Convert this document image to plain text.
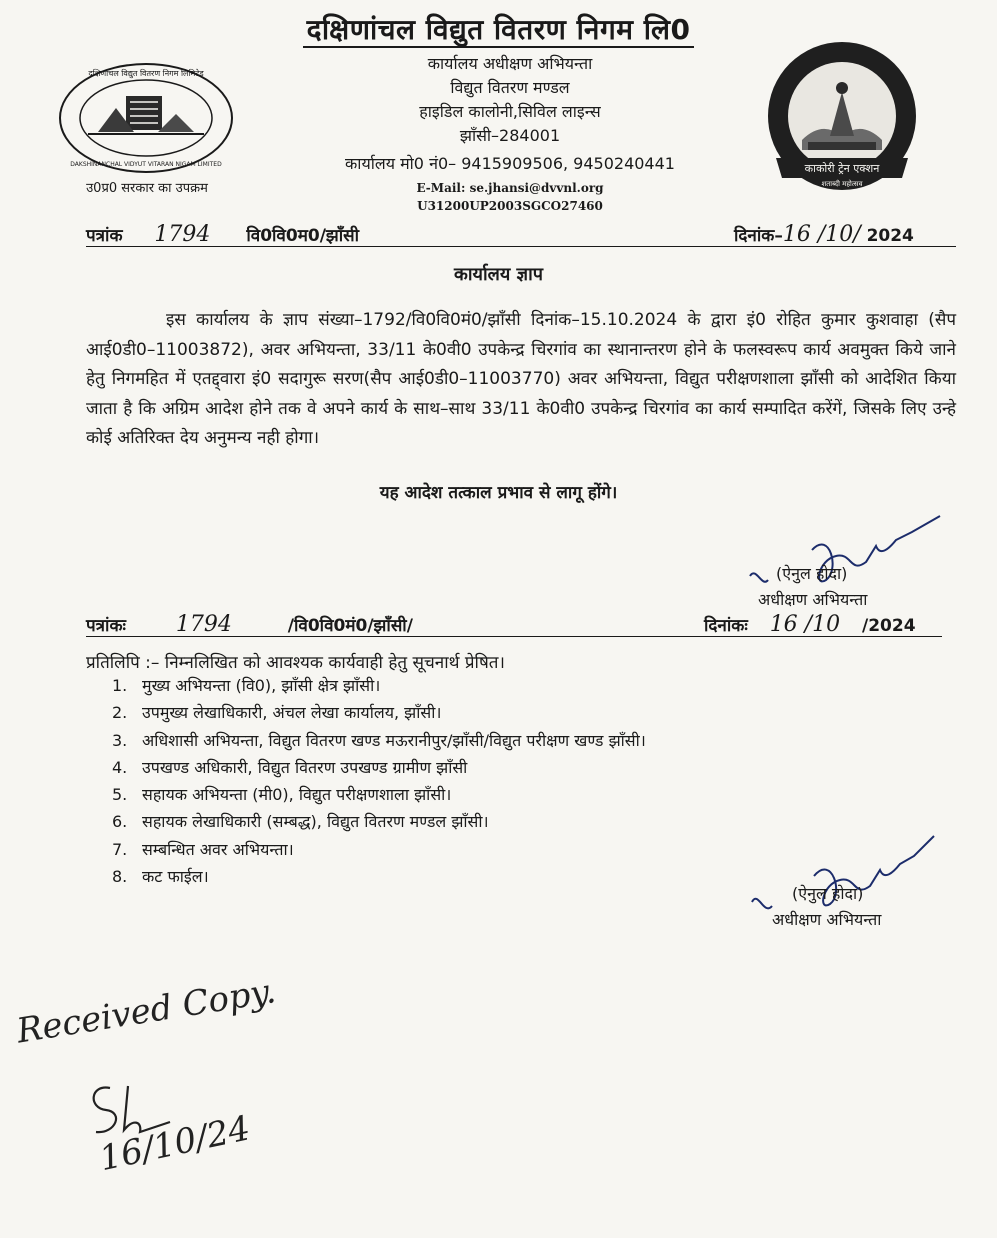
दक्षिणांचल विद्युत वितरण निगम लि0
कार्यालय अधीक्षण अभियन्ता
विद्युत वितरण मण्डल
हाइडिल कालोनी,सिविल लाइन्स
झाँसी–284001
कार्यालय मो0 नं0– 9415909506, 9450240441
E-Mail: se.jhansi@dvvnl.org
U31200UP2003SGCO27460
दक्षिणांचल विद्युत वितरण निगम लिमिटेड
DAKSHINANCHAL VIDYUT VITARAN NIGAM LIMITED
उ0प्र0 सरकार का उपक्रम
काकोरी ट्रेन एक्शन
शताब्दी महोत्सव
पत्रांक 1794 वि0वि0म0/झाँसी	दिनांक–16 /10/ 2024
कार्यालय ज्ञाप
इस कार्यालय के ज्ञाप संख्या–1792/वि0वि0मं0/झाँसी दिनांक–15.10.2024 के द्वारा इं0 रोहित कुमार कुशवाहा (सैप आई0डी0–11003872), अवर अभियन्ता, 33/11 के0वी0 उपकेन्द्र चिरगांव का स्थानान्तरण होने के फलस्वरूप कार्य अवमुक्त किये जाने हेतु निगमहित में एतद्द्वारा इं0 सदागुरू सरण(सैप आई0डी0–11003770) अवर अभियन्ता, विद्युत परीक्षणशाला झाँसी को आदेशित किया जाता है कि अग्रिम आदेश होने तक वे अपने कार्य के साथ–साथ 33/11 के0वी0 उपकेन्द्र चिरगांव का कार्य सम्पादित करेंगें, जिसके लिए उन्हे कोई अतिरिक्त देय अनुमन्य नही होगा।
यह आदेश तत्काल प्रभाव से लागू होंगे।
(ऐनुल होदा)
अधीक्षण अभियन्ता
पत्रांकः 1794	/वि0वि0मं0/झाँसी/	दिनांकः 16 /10 /2024
प्रतिलिपि :– निम्नलिखित को आवश्यक कार्यवाही हेतु सूचनार्थ प्रेषित।
1. मुख्य अभियन्ता (वि0), झाँसी क्षेत्र झाँसी।
2. उपमुख्य लेखाधिकारी, अंचल लेखा कार्यालय, झाँसी।
3. अधिशासी अभियन्ता, विद्युत वितरण खण्ड मऊरानीपुर/झाँसी/विद्युत परीक्षण खण्ड झाँसी।
4. उपखण्ड अधिकारी, विद्युत वितरण उपखण्ड ग्रामीण झाँसी
5. सहायक अभियन्ता (मी0), विद्युत परीक्षणशाला झाँसी।
6. सहायक लेखाधिकारी (सम्बद्ध), विद्युत वितरण मण्डल झाँसी।
7. सम्बन्धित अवर अभियन्ता।
8. कट फाईल।
(ऐनुल होदा)
अधीक्षण अभियन्ता
Received Copy.
16/10/24
